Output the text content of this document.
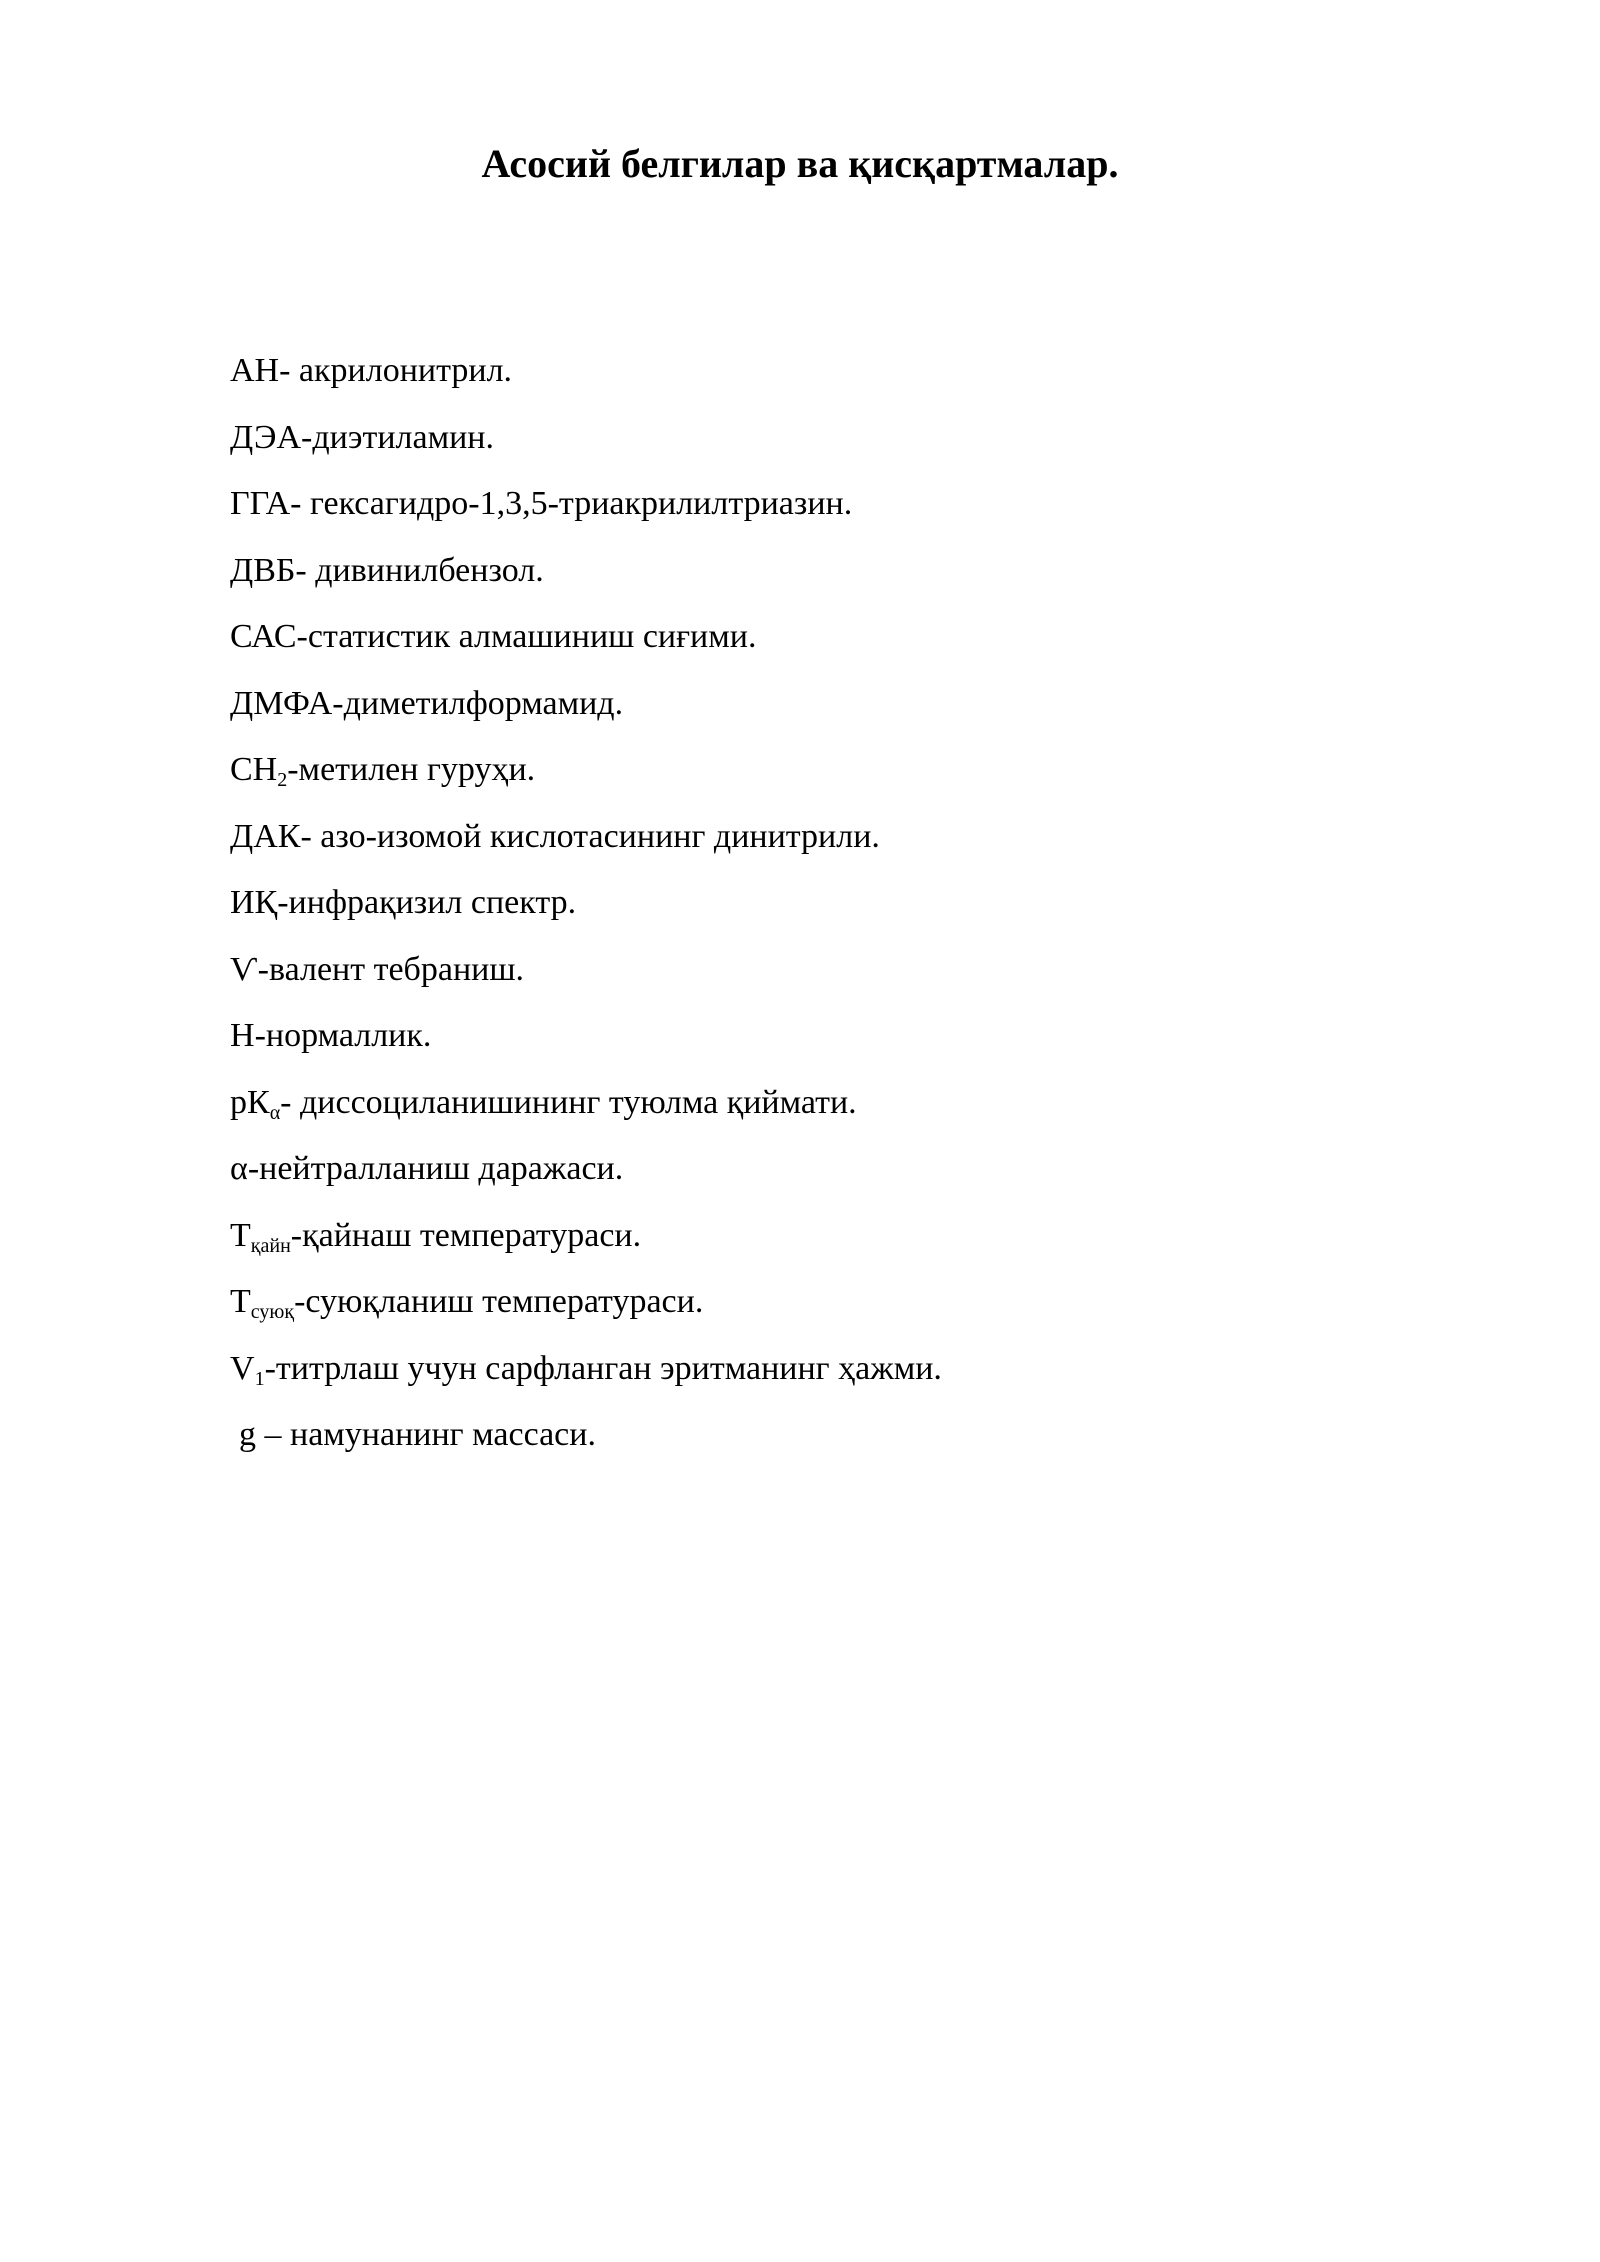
Асосий белгилар ва қисқартмалар.
АН- акрилонитрил.
ДЭА-диэтиламин.
ГГА- гексагидро-1,3,5-триакрилилтриазин.
ДВБ- дивинилбензол.
САС-статистик алмашиниш сиғими.
ДМФА-диметилформамид.
$СН_2$-метилен гуруҳи.
ДАК- азо-изомой кислотасининг динитрили.
ИҚ-инфрақизил спектр.
Ѵ-валент тебраниш.
Н-нормаллик.
$рК_\alpha-$ диссоциланишининг туюлма қиймати.
α-нейтралланиш даражаси.
$Т_{қайн}$-қайнаш температураси.
$Т_{суюқ}$-суюқланиш температураси.
$V_1$-титрлаш учун сарфланган эритманинг ҳажми.
g – намунанинг массаси.
